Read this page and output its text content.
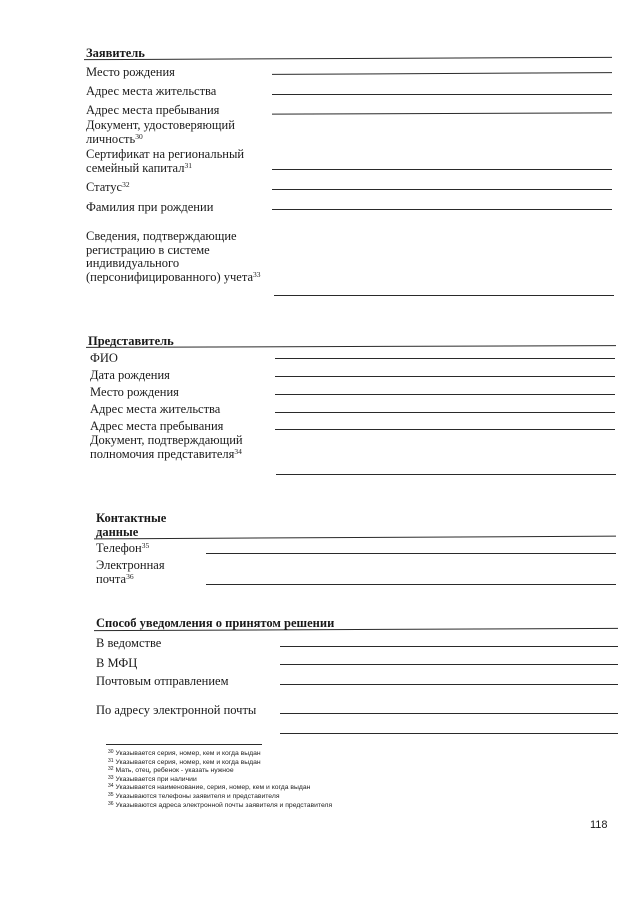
Заявитель
Место рождения
Адрес места жительства
Адрес места пребывания
Документ, удостоверяющий
личность$^{30}$
Сертификат на региональный
семейный капитал$^{31}$
Статус$^{32}$
Фамилия при рождении
Сведения, подтверждающие
регистрацию в системе
индивидуального
(персонифицированного) учета$^{33}$
Представитель
ФИО
Дата рождения
Место рождения
Адрес места жительства
Адрес места пребывания
Документ, подтверждающий
полномочия представителя$^{34}$
Контактные
данные
Телефон$^{35}$
Электронная
почта$^{36}$
Способ уведомления о принятом решении
В ведомстве
В МФЦ
Почтовым отправлением
По адресу электронной почты
$^{30}$ Указывается серия, номер, кем и когда выдан
$^{31}$ Указывается серия, номер, кем и когда выдан
$^{32}$ Мать, отец, ребенок - указать нужное
$^{33}$ Указывается при наличии
$^{34}$ Указывается наименование, серия, номер, кем и когда выдан
$^{35}$ Указываются телефоны заявителя и представителя
$^{36}$ Указываются адреса электронной почты заявителя и представителя
118
